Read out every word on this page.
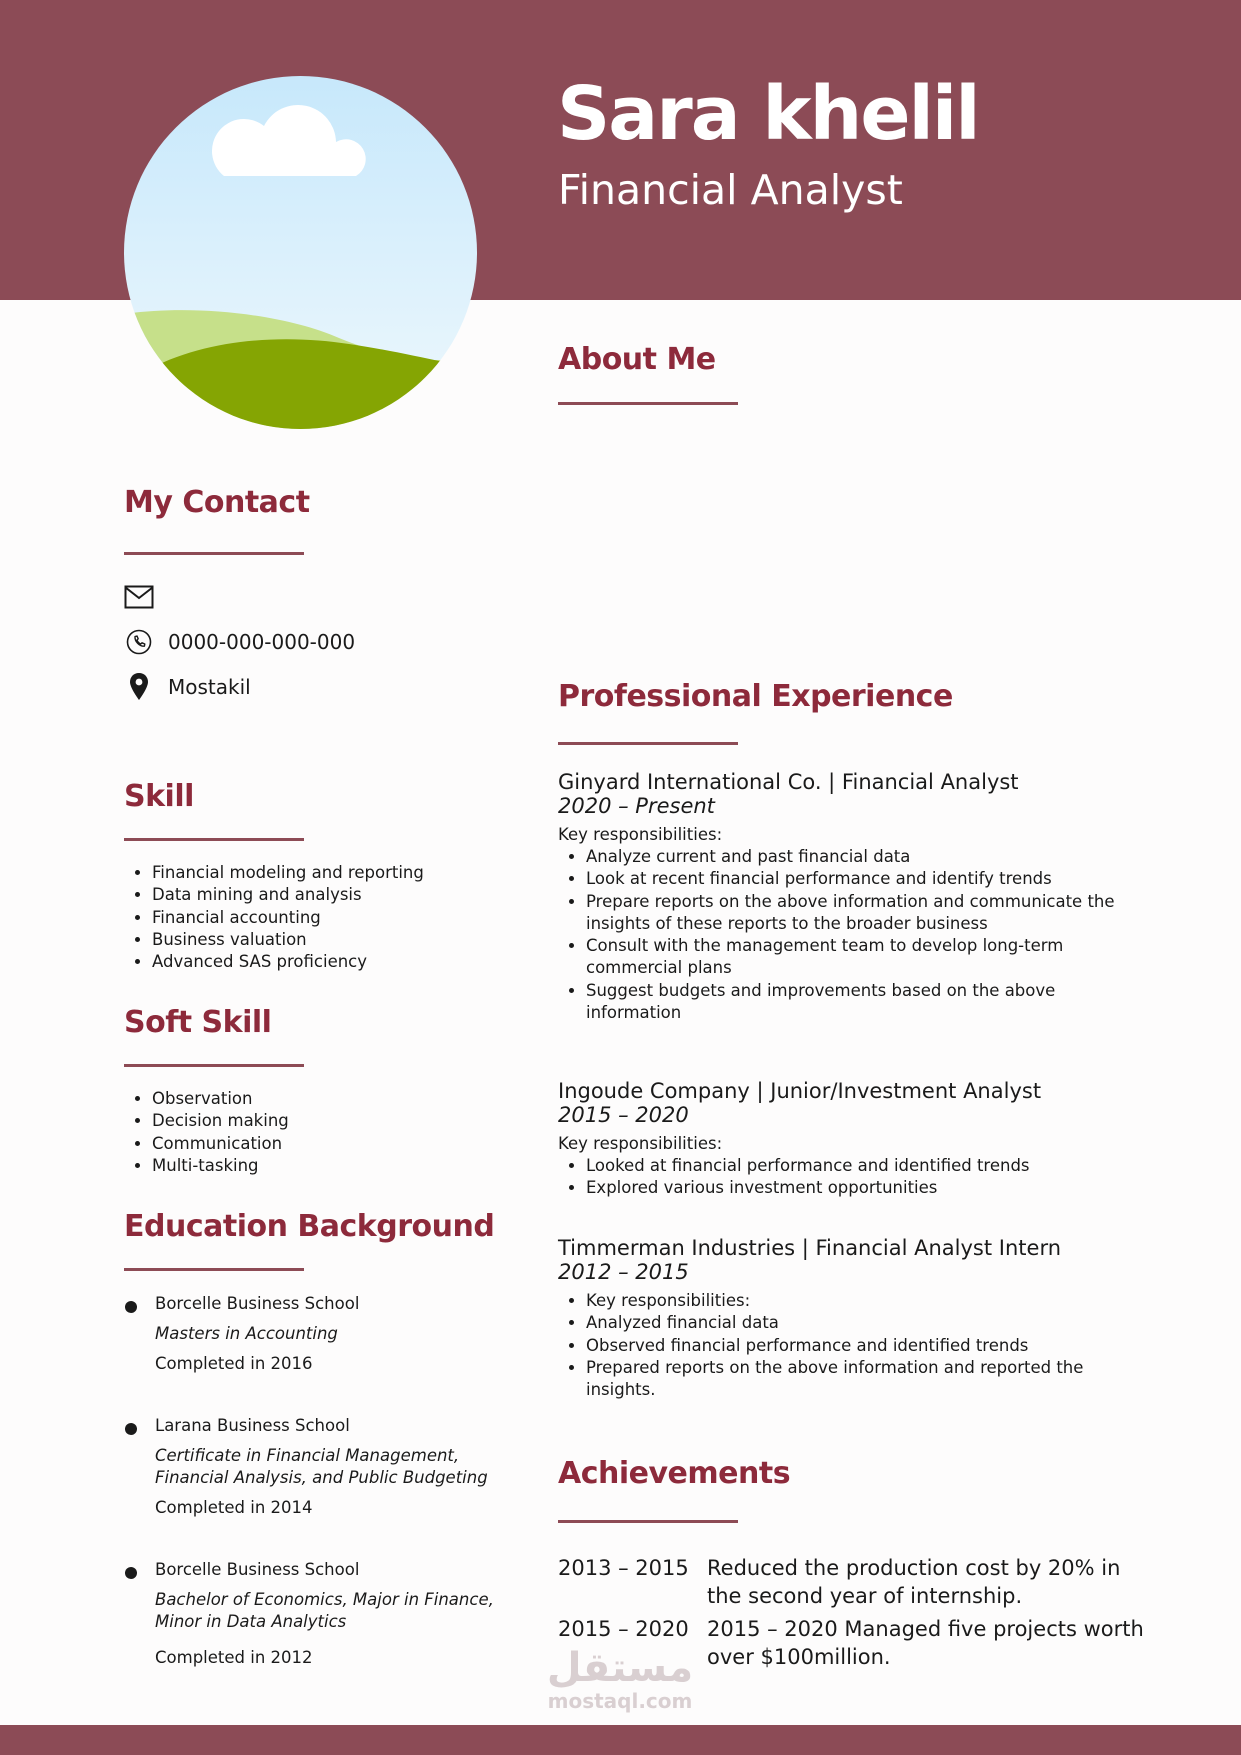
Sara khelil
Financial Analyst
About Me
My Contact
0000-000-000-000
Mostakil
Skill
• Financial modeling and reporting
• Data mining and analysis
• Financial accounting
• Business valuation
• Advanced SAS proficiency
Soft Skill
• Observation
• Decision making
• Communication
• Multi-tasking
Education Background
Borcelle Business School
Masters in Accounting
Completed in 2016
Larana Business School
Certificate in Financial Management,
Financial Analysis, and Public Budgeting
Completed in 2014
Borcelle Business School
Bachelor of Economics, Major in Finance,
Minor in Data Analytics
Completed in 2012
Professional Experience
Ginyard International Co. | Financial Analyst
2020 – Present
Key responsibilities:
• Analyze current and past financial data
• Look at recent financial performance and identify trends
• Prepare reports on the above information and communicate the insights of these reports to the broader business
• Consult with the management team to develop long-term commercial plans
• Suggest budgets and improvements based on the above information
Ingoude Company | Junior/Investment Analyst
2015 – 2020
Key responsibilities:
• Looked at financial performance and identified trends
• Explored various investment opportunities
Timmerman Industries | Financial Analyst Intern
2012 – 2015
• Key responsibilities:
• Analyzed financial data
• Observed financial performance and identified trends
• Prepared reports on the above information and reported the insights.
Achievements
2013 – 2015 Reduced the production cost by 20% in the second year of internship.
2015 – 2020 2015 – 2020 Managed five projects worth over $100million.
مستقل
mostaql.com
